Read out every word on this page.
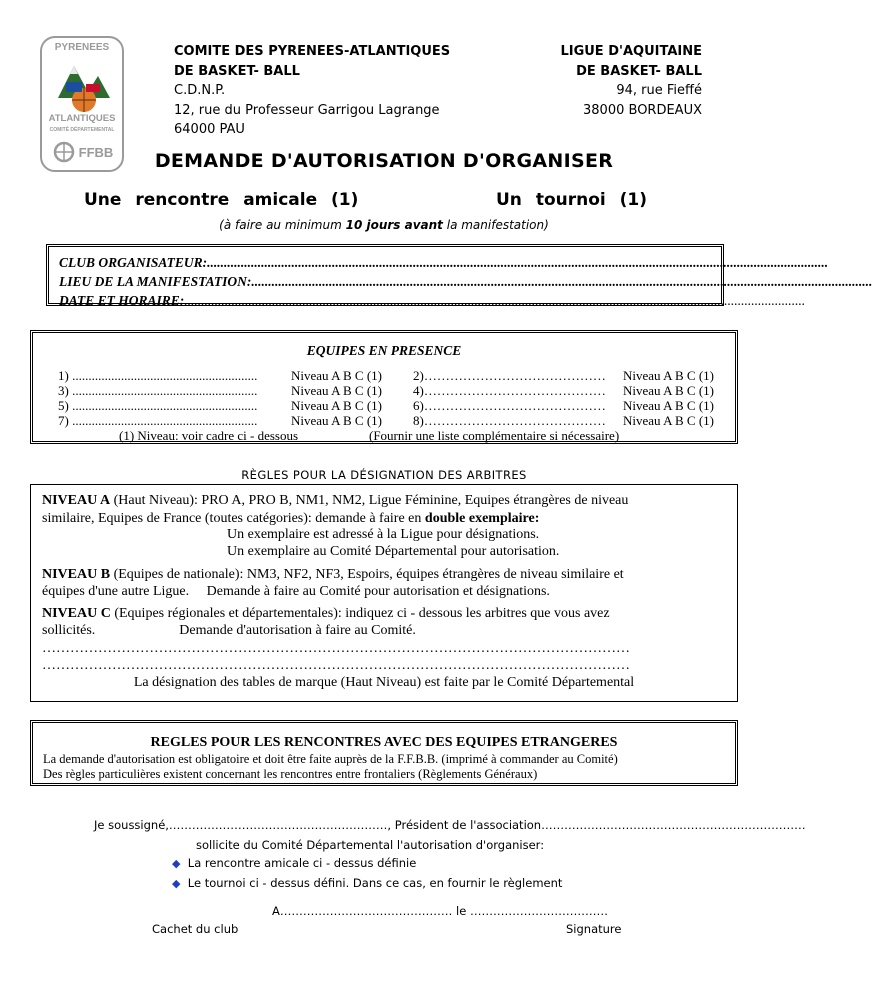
PYRENEES
ATLANTIQUES
COMITÉ DÉPARTEMENTAL
FFBB
COMITE DES PYRENEES-ATLANTIQUES
DE BASKET- BALL
C.D.N.P.
12, rue du Professeur Garrigou Lagrange
64000 PAU
LIGUE D'AQUITAINE
DE BASKET- BALL
94, rue Fieffé
38000 BORDEAUX
DEMANDE D'AUTORISATION D'ORGANISER
Une rencontre amicale (1)	Un tournoi (1)
(à faire au minimum 10 jours avant la manifestation)
CLUB ORGANISATEUR:........................................................................................................................................................................................
LIEU DE LA MANIFESTATION:........................................................................................................................................................................................
DATE ET HORAIRE:........................................................................................................................................................................................
EQUIPES EN PRESENCE
1) .........................................................	Niveau A B C (1) 2)……………………………………	Niveau A B C (1)
3) .........................................................	Niveau A B C (1) 4)……………………………………	Niveau A B C (1)
5) .........................................................	Niveau A B C (1) 6)……………………………………	Niveau A B C (1)
7) .........................................................	Niveau A B C (1) 8)……………………………………	Niveau A B C (1)
(1) Niveau: voir cadre ci - dessous	(Fournir une liste complémentaire si nécessaire)
RÈGLES POUR LA DÉSIGNATION DES ARBITRES
NIVEAU A (Haut Niveau): PRO A, PRO B, NM1, NM2, Ligue Féminine, Equipes étrangères de niveau
similaire, Equipes de France (toutes catégories): demande à faire en double exemplaire:
Un exemplaire est adressé à la Ligue pour désignations.
Un exemplaire au Comité Départemental pour autorisation.
NIVEAU B (Equipes de nationale): NM3, NF2, NF3, Espoirs, équipes étrangères de niveau similaire et
équipes d'une autre Ligue.     Demande à faire au Comité pour autorisation et désignations.
NIVEAU C (Equipes régionales et départementales): indiquez ci - dessous les arbitres que vous avez
sollicités.                        Demande d'autorisation à faire au Comité.
………………………………………………………………………………………………………………
………………………………………………………………………………………………………………
La désignation des tables de marque (Haut Niveau) est faite par le Comité Départemental
REGLES POUR LES RENCONTRES AVEC DES EQUIPES ETRANGERES
La demande d'autorisation est obligatoire et doit être faite auprès de la F.F.B.B. (imprimé à commander au Comité)
Des règles particulières existent concernant les rencontres entre frontaliers (Règlements Généraux)
Je soussigné,…………………………………………………, Président de l'association……………………………………………………………
sollicite du Comité Départemental l'autorisation d'organiser:
◆ La rencontre amicale ci - dessus définie
◆ Le tournoi ci - dessus défini. Dans ce cas, en fournir le règlement
A……………………………………… le ………………………………
Cachet du club	Signature
